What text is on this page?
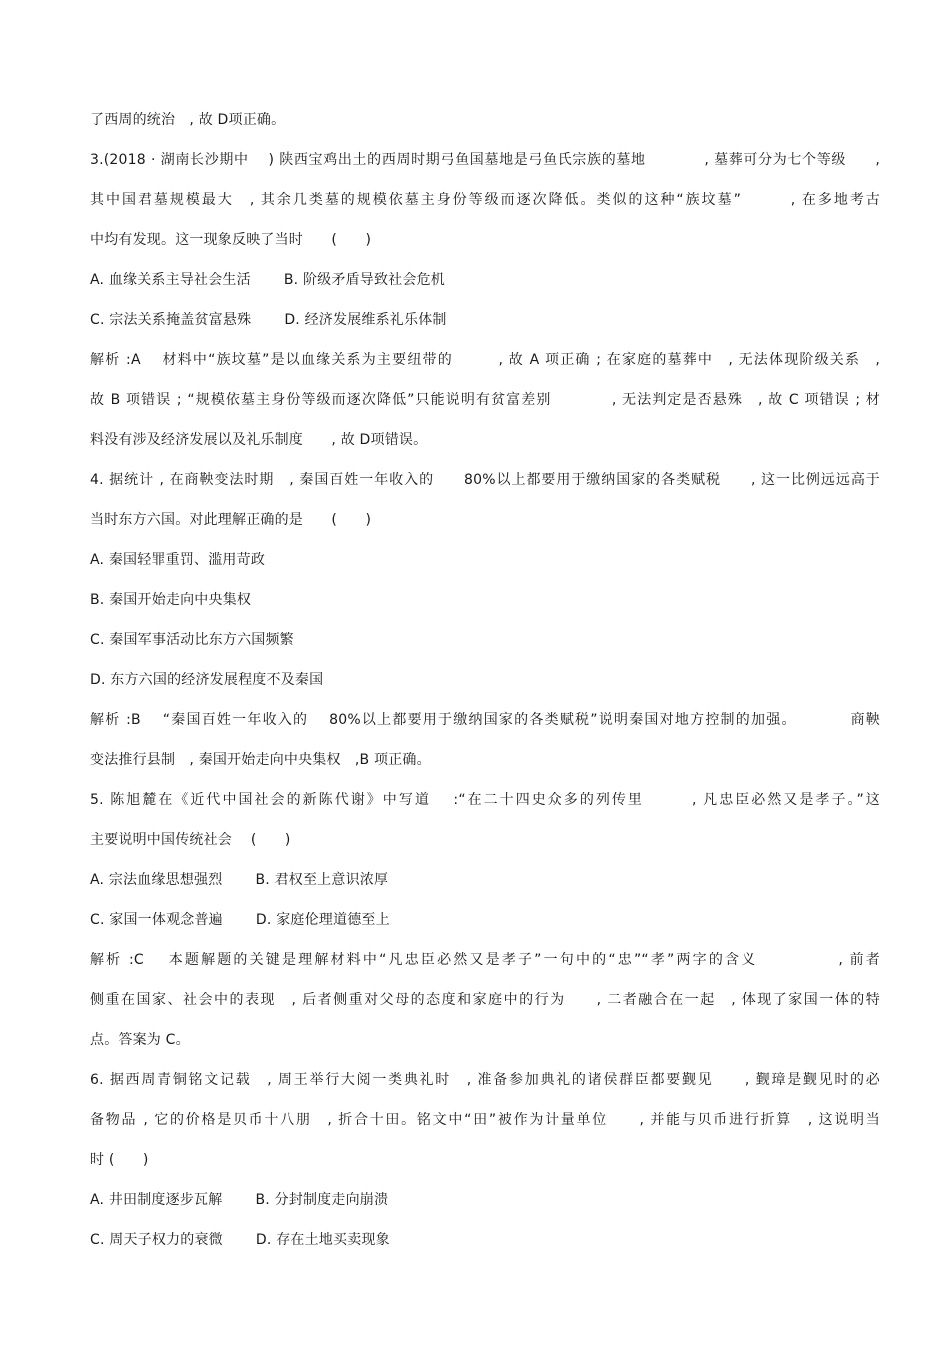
了西周的统治　, 故 D项正确。
3.(2018 · 湖南长沙期中　 ) 陕西宝鸡出土的西周时期弓鱼国墓地是弓鱼氏宗族的墓地　　　　, 墓葬可分为七个等级　　,
其中国君墓规模最大　, 其余几类墓的规模依墓主身份等级而逐次降低。类似的这种“族坟墓”　　　, 在多地考古
中均有发现。这一现象反映了当时　　(　　)
A. 血缘关系主导社会生活　　 B. 阶级矛盾导致社会危机
C. 宗法关系掩盖贫富悬殊　　 D. 经济发展维系礼乐体制
解析 :A　 材料中“族坟墓”是以血缘关系为主要纽带的　　　, 故 A 项正确 ; 在家庭的墓葬中　, 无法体现阶级关系　,
故 B 项错误 ; “规模依墓主身份等级而逐次降低”只能说明有贫富差别　　　　, 无法判定是否悬殊　, 故 C 项错误 ; 材
料没有涉及经济发展以及礼乐制度　　, 故 D项错误。
4. 据统计 , 在商鞅变法时期　, 秦国百姓一年收入的　　80%以上都要用于缴纳国家的各类赋税　　, 这一比例远远高于
当时东方六国。对此理解正确的是　　(　　)
A. 秦国轻罪重罚、滥用苛政
B. 秦国开始走向中央集权
C. 秦国军事活动比东方六国频繁
D. 东方六国的经济发展程度不及秦国
解析 :B　 “秦国百姓一年收入的　 80%以上都要用于缴纳国家的各类赋税”说明秦国对地方控制的加强。　　　　商鞅
变法推行县制　, 秦国开始走向中央集权　,B 项正确。
5. 陈旭麓在《近代中国社会的新陈代谢》中写道　 :“在二十四史众多的列传里　　　, 凡忠臣必然又是孝子。”这
主要说明中国传统社会　 (　　)
A. 宗法血缘思想强烈　　 B. 君权至上意识浓厚
C. 家国一体观念普遍　　 D. 家庭伦理道德至上
解析 :C　 本题解题的关键是理解材料中“凡忠臣必然又是孝子”一句中的“忠”“孝”两字的含义　　　　　, 前者
侧重在国家、社会中的表现　, 后者侧重对父母的态度和家庭中的行为　　, 二者融合在一起　, 体现了家国一体的特
点。答案为 C。
6. 据西周青铜铭文记载　, 周王举行大阅一类典礼时　, 准备参加典礼的诸侯群臣都要觐见　　, 觐璋是觐见时的必
备物品 , 它的价格是贝币十八朋　, 折合十田。铭文中“田”被作为计量单位　　, 并能与贝币进行折算　, 这说明当
时 (　　)
A. 井田制度逐步瓦解　　 B. 分封制度走向崩溃
C. 周天子权力的衰微　　 D. 存在土地买卖现象
